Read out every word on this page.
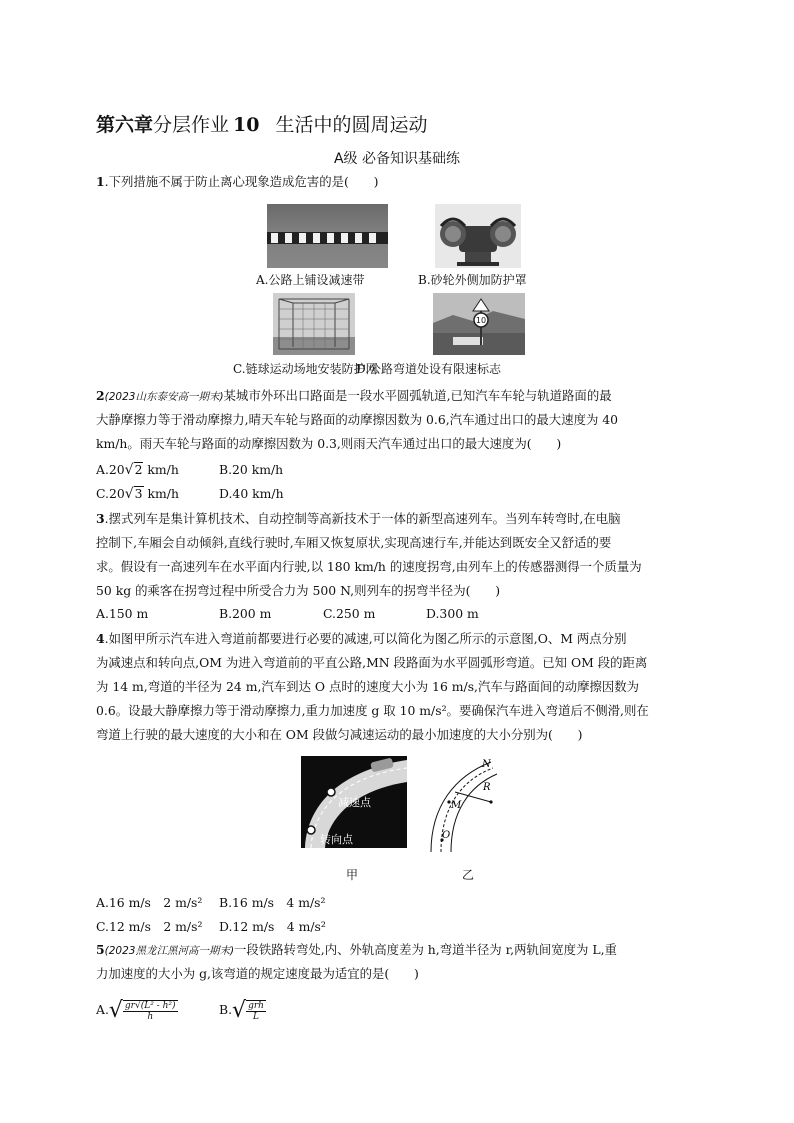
第六章分层作业 10 生活中的圆周运动
A级 必备知识基础练
1.下列措施不属于防止离心现象造成危害的是(　　)
A.公路上铺设减速带	B.砂轮外侧加防护罩
C.链球运动场地安装防护网
10
D.公路弯道处设有限速标志
2(2023山东泰安高一期末)某城市外环出口路面是一段水平圆弧轨道,已知汽车车轮与轨道路面的最
大静摩擦力等于滑动摩擦力,晴天车轮与路面的动摩擦因数为 0.6,汽车通过出口的最大速度为 40
km/h。雨天车轮与路面的动摩擦因数为 0.3,则雨天汽车通过出口的最大速度为(　　)
A.20√2 km/h	B.20 km/h
C.20√3 km/h	D.40 km/h
3.摆式列车是集计算机技术、自动控制等高新技术于一体的新型高速列车。当列车转弯时,在电脑
控制下,车厢会自动倾斜,直线行驶时,车厢又恢复原状,实现高速行车,并能达到既安全又舒适的要
求。假设有一高速列车在水平面内行驶,以 180 km/h 的速度拐弯,由列车上的传感器测得一个质量为
50 kg 的乘客在拐弯过程中所受合力为 500 N,则列车的拐弯半径为(　　)
A.150 m	B.200 m	C.250 m	D.300 m
4.如图甲所示汽车进入弯道前都要进行必要的减速,可以简化为图乙所示的示意图,O、M 两点分别
为减速点和转向点,OM 为进入弯道前的平直公路,MN 段路面为水平圆弧形弯道。已知 OM 段的距离
为 14 m,弯道的半径为 24 m,汽车到达 O 点时的速度大小为 16 m/s,汽车与路面间的动摩擦因数为
0.6。设最大静摩擦力等于滑动摩擦力,重力加速度 g 取 10 m/s²。要确保汽车进入弯道后不侧滑,则在
弯道上行驶的最大速度的大小和在 OM 段做匀减速运动的最小加速度的大小分别为(　　)
减速点
转向点
N
R
M
O
甲	乙
A.16 m/s　2 m/s² B.16 m/s　4 m/s²
C.12 m/s　2 m/s² D.12 m/s　4 m/s²
5(2023黑龙江黑河高一期末)一段铁路转弯处,内、外轨高度差为 h,弯道半径为 r,两轨间宽度为 L,重
力加速度的大小为 g,该弯道的规定速度最为适宜的是(　　)
$A.√ \frac{\text{gr√(L² - h²)}}{h}$	$B.√ \frac{\text{grh}}{L}$
